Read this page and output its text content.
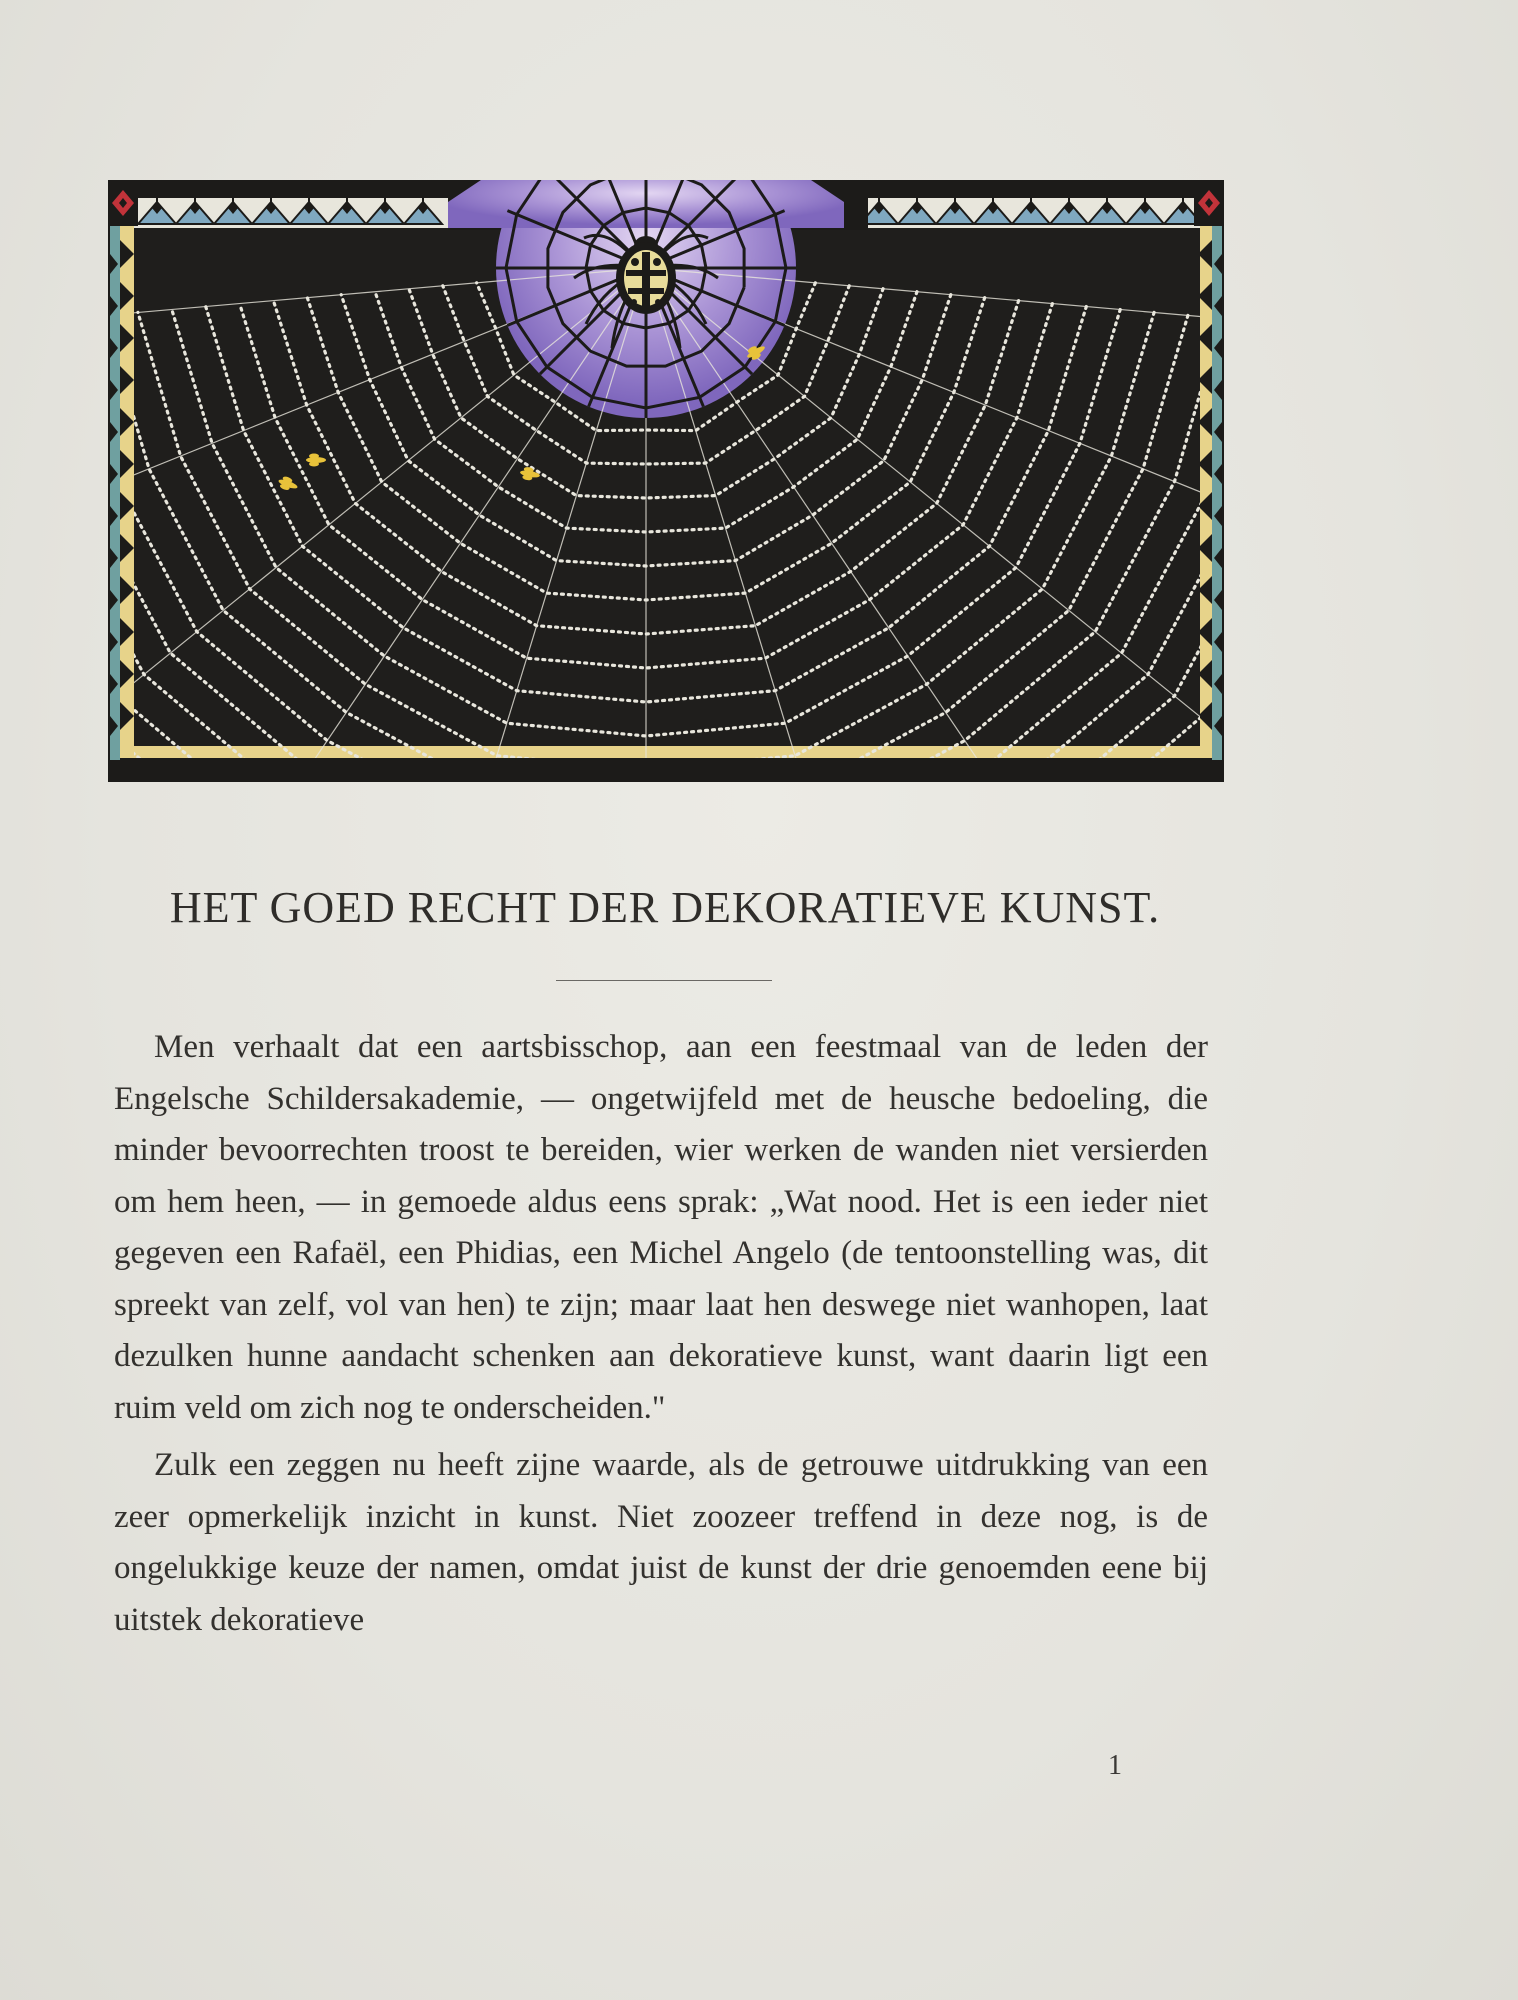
HET GOED RECHT DER DEKORATIEVE KUNST.

Men verhaalt dat een aartsbisschop, aan een feestmaal van de leden der Engelsche Schildersakademie, — ongetwijfeld met de heusche bedoeling, die minder bevoorrechten troost te bereiden, wier werken de wanden niet versierden om hem heen, — in gemoede aldus eens sprak: „Wat nood. Het is een ieder niet gegeven een Rafaël, een Phidias, een Michel Angelo (de tentoonstelling was, dit spreekt van zelf, vol van hen) te zijn; maar laat hen deswege niet wanhopen, laat dezulken hunne aandacht schenken aan dekoratieve kunst, want daarin ligt een ruim veld om zich nog te onderscheiden."

Zulk een zeggen nu heeft zijne waarde, als de getrouwe uitdrukking van een zeer opmerkelijk inzicht in kunst. Niet zoozeer treffend in deze nog, is de ongelukkige keuze der namen, omdat juist de kunst der drie genoemden eene bij uitstek dekoratieve

1
